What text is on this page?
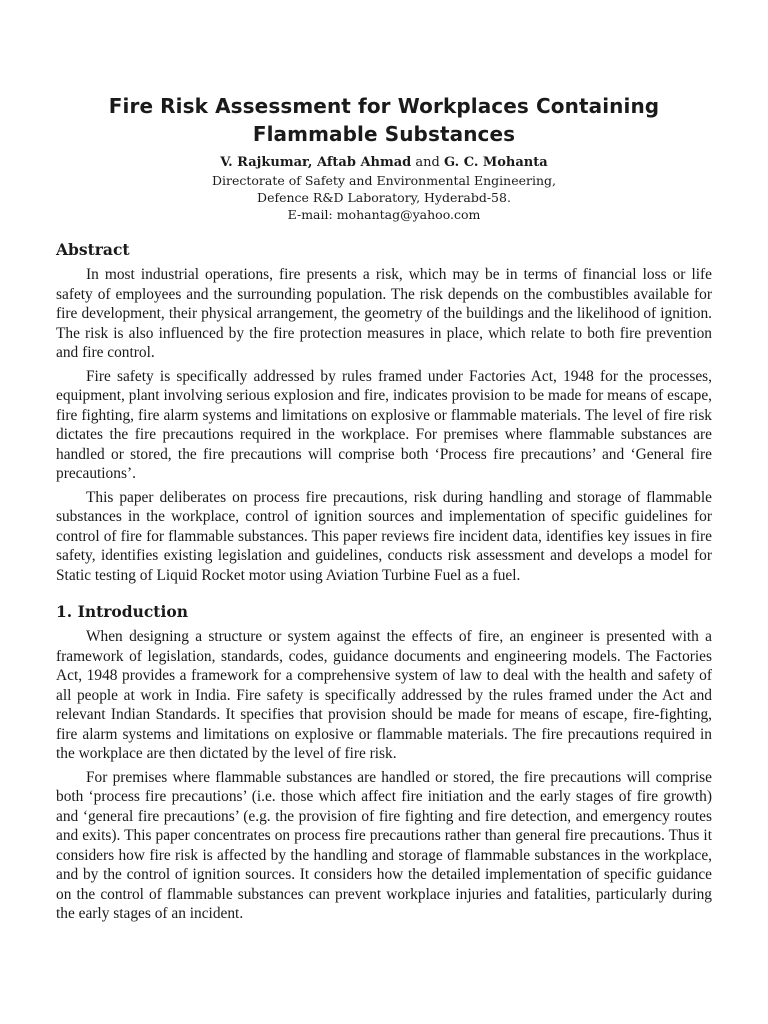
Fire Risk Assessment for Workplaces Containing
Flammable Substances

V. Rajkumar, Aftab Ahmad and G. C. Mohanta

Directorate of Safety and Environmental Engineering,
Defence R&D Laboratory, Hyderabd-58.
E-mail: mohantag@yahoo.com
Abstract

In most industrial operations, fire presents a risk, which may be in terms of financial loss or life safety of employees and the surrounding population. The risk depends on the combustibles available for fire development, their physical arrangement, the geometry of the buildings and the likelihood of ignition. The risk is also influenced by the fire protection measures in place, which relate to both fire prevention and fire control.

Fire safety is specifically addressed by rules framed under Factories Act, 1948 for the processes, equipment, plant involving serious explosion and fire, indicates provision to be made for means of escape, fire fighting, fire alarm systems and limitations on explosive or flammable materials. The level of fire risk dictates the fire precautions required in the workplace. For premises where flammable substances are handled or stored, the fire precautions will comprise both ‘Process fire precautions’ and ‘General fire precautions’.

This paper deliberates on process fire precautions, risk during handling and storage of flammable substances in the workplace, control of ignition sources and implementation of specific guidelines for control of fire for flammable substances. This paper reviews fire incident data, identifies key issues in fire safety, identifies existing legislation and guidelines, conducts risk assessment and develops a model for Static testing of Liquid Rocket motor using Aviation Turbine Fuel as a fuel.

1. Introduction

When designing a structure or system against the effects of fire, an engineer is presented with a framework of legislation, standards, codes, guidance documents and engineering models. The Factories Act, 1948 provides a framework for a comprehensive system of law to deal with the health and safety of all people at work in India. Fire safety is specifically addressed by the rules framed under the Act and relevant Indian Standards. It specifies that provision should be made for means of escape, fire-fighting, fire alarm systems and limitations on explosive or flammable materials. The fire precautions required in the workplace are then dictated by the level of fire risk.

For premises where flammable substances are handled or stored, the fire precautions will comprise both ‘process fire precautions’ (i.e. those which affect fire initiation and the early stages of fire growth) and ‘general fire precautions’ (e.g. the provision of fire fighting and fire detection, and emergency routes and exits). This paper concentrates on process fire precautions rather than general fire precautions. Thus it considers how fire risk is affected by the handling and storage of flammable substances in the workplace, and by the control of ignition sources. It considers how the detailed implementation of specific guidance on the control of flammable substances can prevent workplace injuries and fatalities, particularly during the early stages of an incident.
